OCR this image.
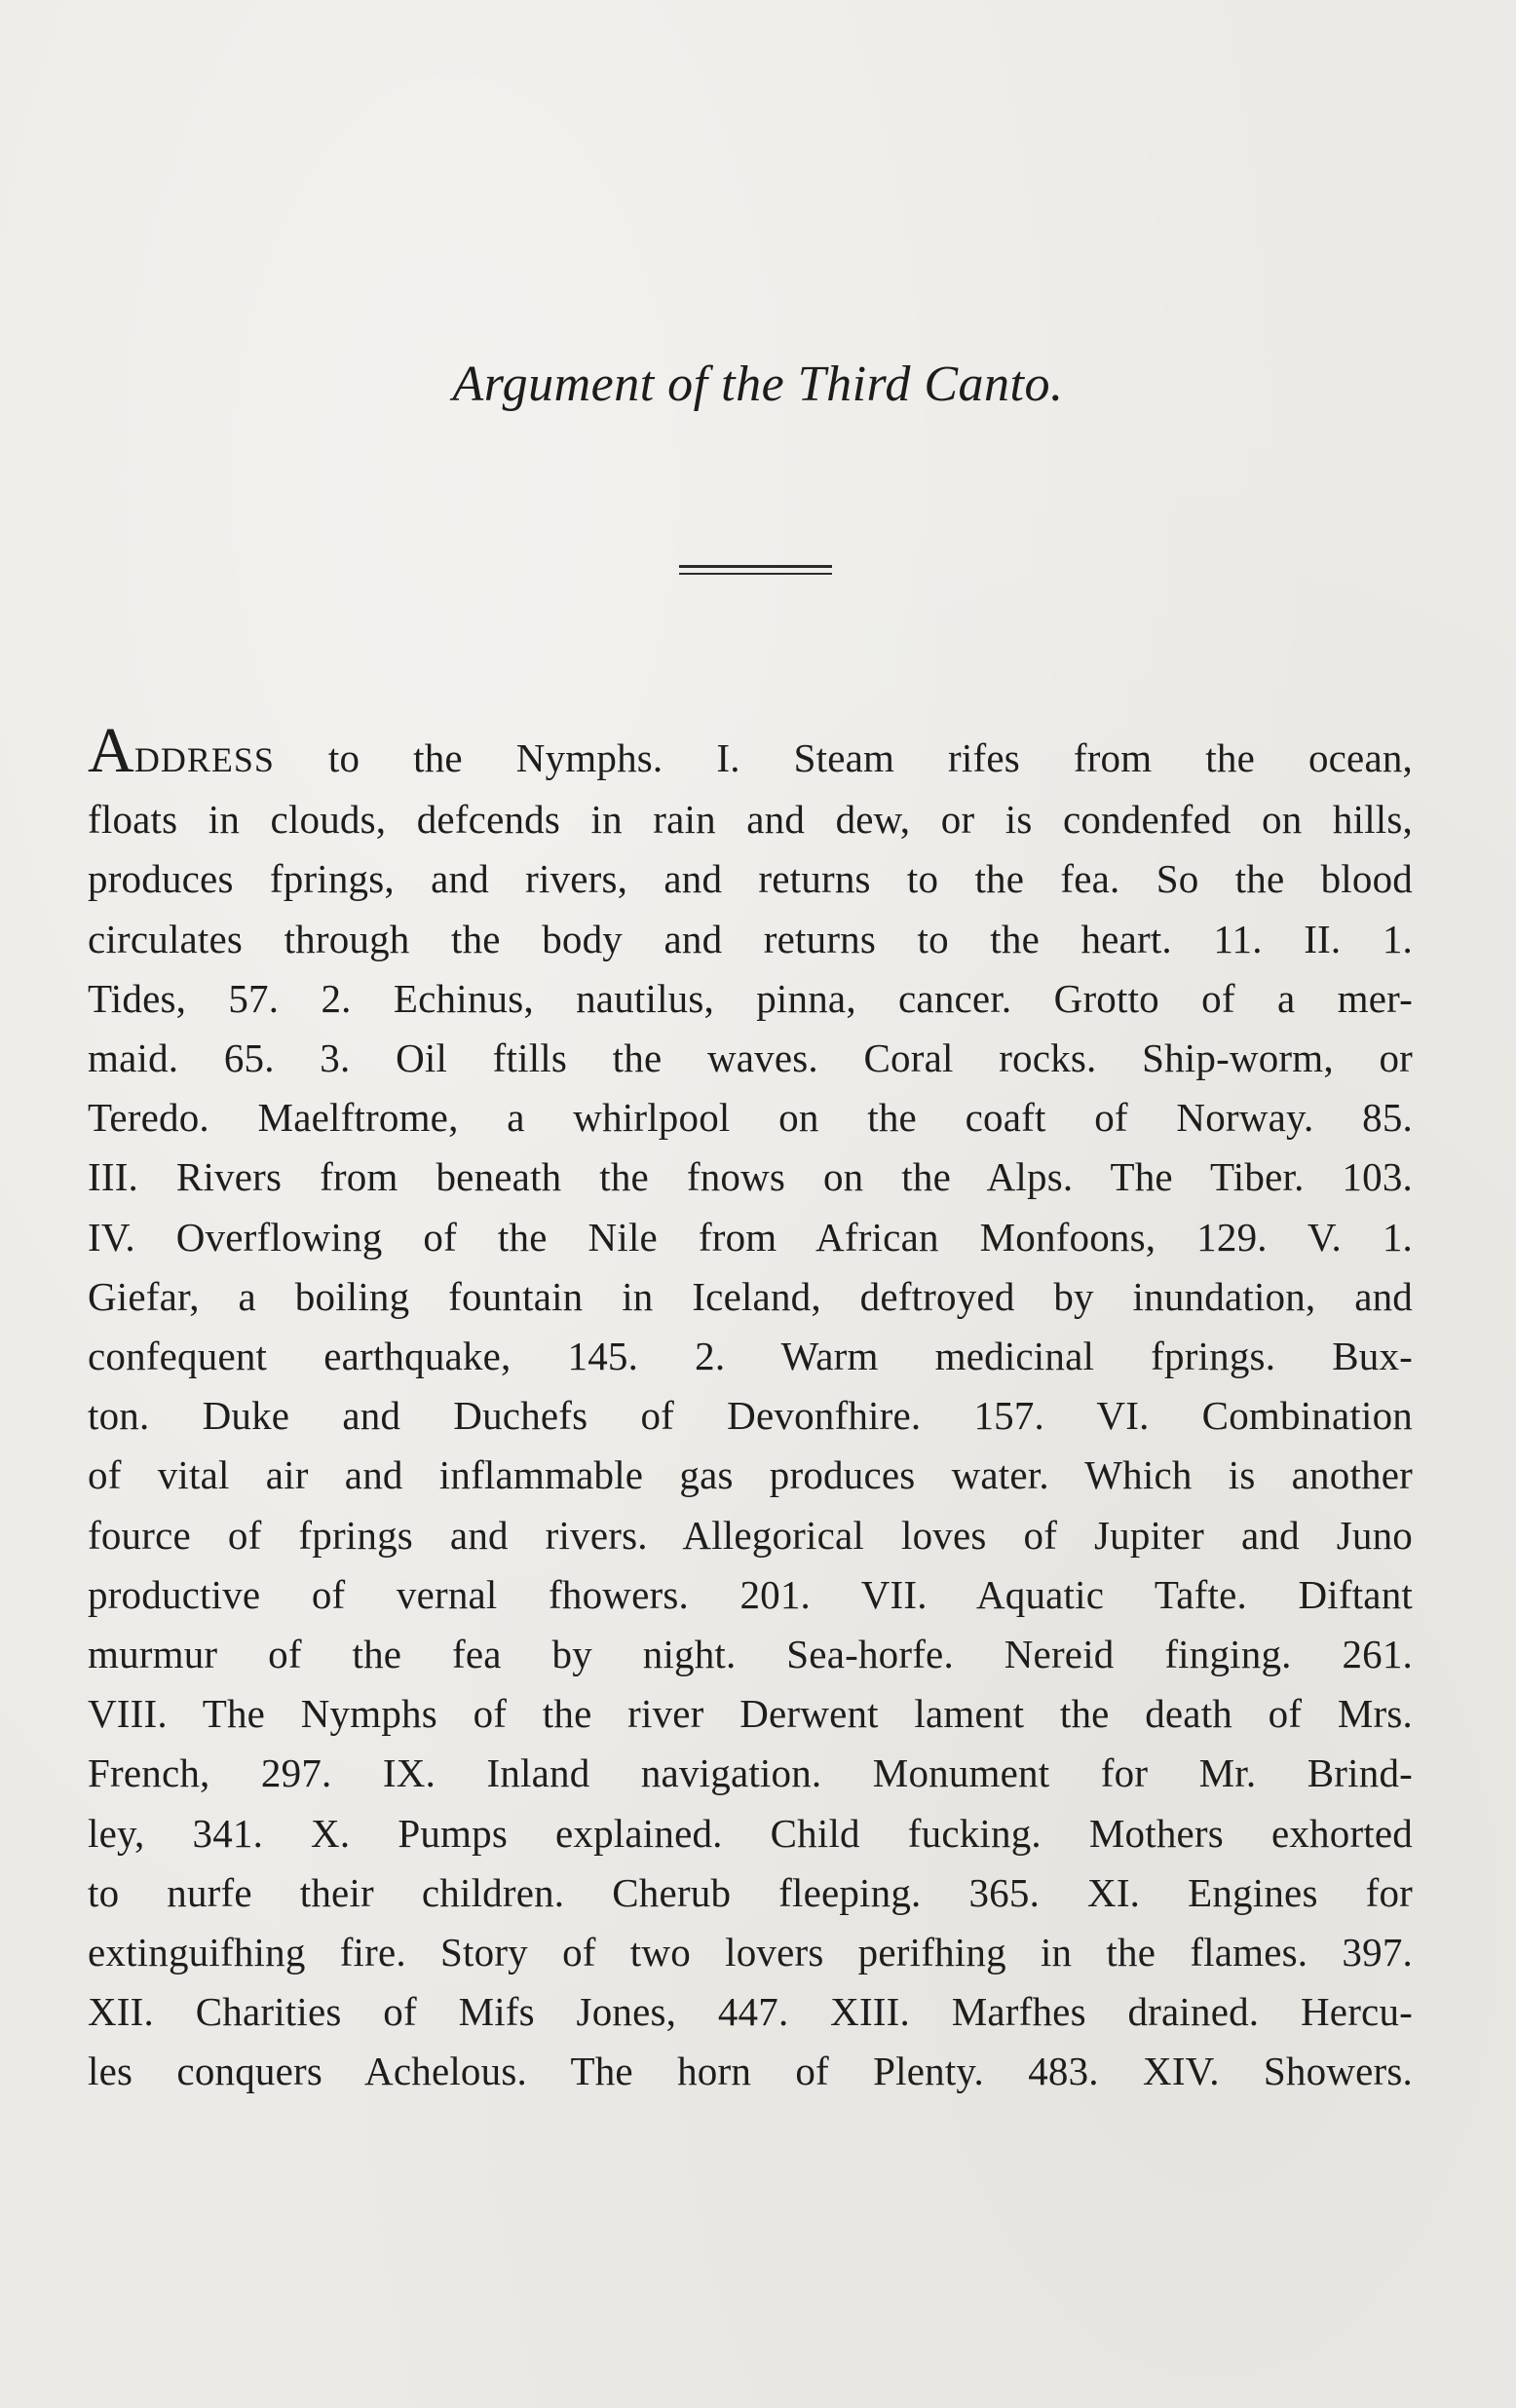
Argument of the Third Canto.
ADDRESS to the Nymphs. I. Steam rifes from the ocean,
floats in clouds, defcends in rain and dew, or is condenfed on hills,
produces fprings, and rivers, and returns to the fea. So the blood
circulates through the body and returns to the heart. 11. II. 1.
Tides, 57. 2. Echinus, nautilus, pinna, cancer. Grotto of a mer-
maid. 65. 3. Oil ftills the waves. Coral rocks. Ship-worm, or
Teredo. Maelftrome, a whirlpool on the coaft of Norway. 85.
III. Rivers from beneath the fnows on the Alps. The Tiber. 103.
IV. Overflowing of the Nile from African Monfoons, 129. V. 1.
Giefar, a boiling fountain in Iceland, deftroyed by inundation, and
confequent earthquake, 145. 2. Warm medicinal fprings. Bux-
ton. Duke and Duchefs of Devonfhire. 157. VI. Combination
of vital air and inflammable gas produces water. Which is another
fource of fprings and rivers. Allegorical loves of Jupiter and Juno
productive of vernal fhowers. 201. VII. Aquatic Tafte. Diftant
murmur of the fea by night. Sea-horfe. Nereid finging. 261.
VIII. The Nymphs of the river Derwent lament the death of Mrs.
French, 297. IX. Inland navigation. Monument for Mr. Brind-
ley, 341. X. Pumps explained. Child fucking. Mothers exhorted
to nurfe their children. Cherub fleeping. 365. XI. Engines for
extinguifhing fire. Story of two lovers perifhing in the flames. 397.
XII. Charities of Mifs Jones, 447. XIII. Marfhes drained. Hercu-
les conquers Achelous. The horn of Plenty. 483. XIV. Showers.
